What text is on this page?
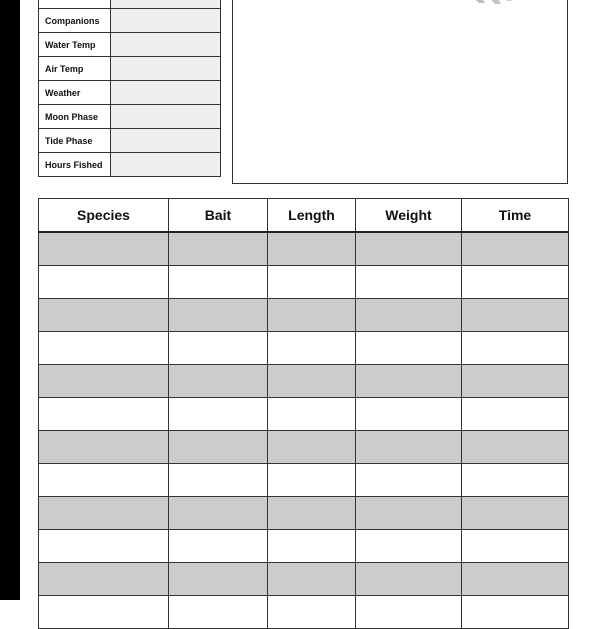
Companions	
Water Temp	
Air Temp	
Weather	
Moon Phase	
Tide Phase	
Hours Fished	
Species	Bait	Length	Weight	Time
